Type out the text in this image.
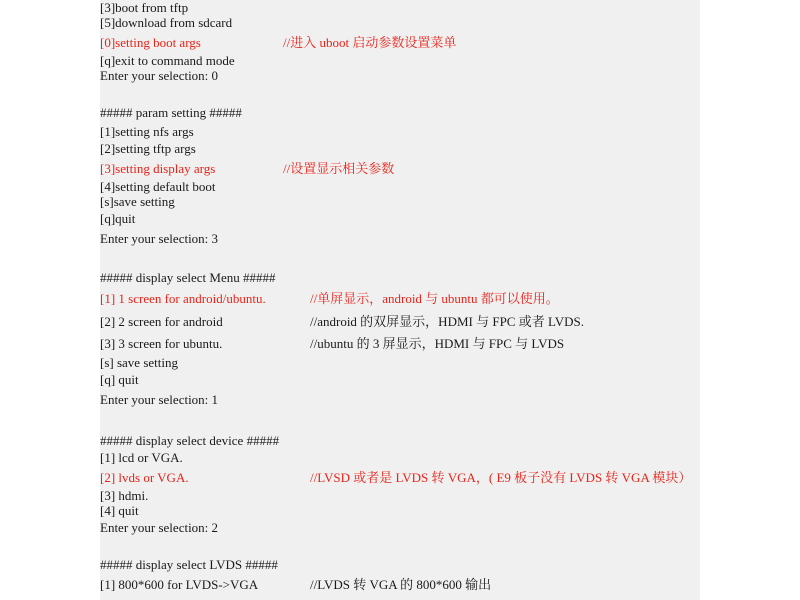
[3]boot from tftp
[5]download from sdcard
[0]setting boot args	//进入 uboot 启动参数设置菜单
[q]exit to command mode
Enter your selection: 0
##### param setting #####
[1]setting nfs args
[2]setting tftp args
[3]setting display args	//设置显示相关参数
[4]setting default boot
[s]save setting
[q]quit
Enter your selection: 3
##### display select Menu #####
[1] 1 screen for android/ubuntu.	//单屏显示，android 与 ubuntu 都可以使用。
[2] 2 screen for android	//android 的双屏显示，HDMI 与 FPC 或者 LVDS.
[3] 3 screen for ubuntu.	//ubuntu 的 3 屏显示，HDMI 与 FPC 与 LVDS
[s] save setting
[q] quit
Enter your selection: 1
##### display select device #####
[1] lcd or VGA.
[2] lvds or VGA.	//LVSD 或者是 LVDS 转 VGA，( E9 板子没有 LVDS 转 VGA 模块）
[3] hdmi.
[4] quit
Enter your selection: 2
##### display select LVDS #####
[1] 800*600 for LVDS->VGA	//LVDS 转 VGA 的 800*600 输出
